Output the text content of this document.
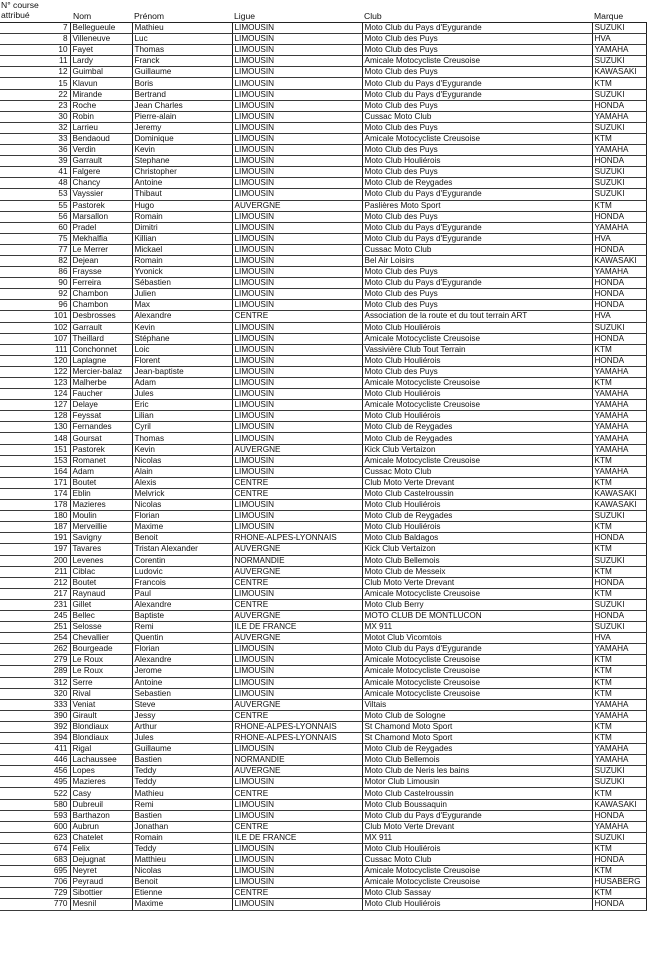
N° course attribué	Nom	Prénom	Ligue	Club	Marque
7	Bellegueule	Mathieu	LIMOUSIN	Moto Club du Pays d'Eygurande	SUZUKI
8	Villeneuve	Luc	LIMOUSIN	Moto Club des Puys	HVA
10	Fayet	Thomas	LIMOUSIN	Moto Club des Puys	YAMAHA
11	Lardy	Franck	LIMOUSIN	Amicale Motocycliste Creusoise	SUZUKI
12	Guimbal	Guillaume	LIMOUSIN	Moto Club des Puys	KAWASAKI
15	Klavun	Boris	LIMOUSIN	Moto Club du Pays d'Eygurande	KTM
22	Mirande	Bertrand	LIMOUSIN	Moto Club du Pays d'Eygurande	SUZUKI
23	Roche	Jean Charles	LIMOUSIN	Moto Club des Puys	HONDA
30	Robin	Pierre-alain	LIMOUSIN	Cussac Moto Club	YAMAHA
32	Larrieu	Jeremy	LIMOUSIN	Moto Club des Puys	SUZUKI
33	Bendaoud	Dominique	LIMOUSIN	Amicale Motocycliste Creusoise	KTM
36	Verdin	Kevin	LIMOUSIN	Moto Club des Puys	YAMAHA
39	Garrault	Stephane	LIMOUSIN	Moto Club Houliérois	HONDA
41	Falgere	Christopher	LIMOUSIN	Moto Club des Puys	SUZUKI
48	Chancy	Antoine	LIMOUSIN	Moto Club de Reygades	SUZUKI
53	Vayssier	Thibaut	LIMOUSIN	Moto Club du Pays d'Eygurande	SUZUKI
55	Pastorek	Hugo	AUVERGNE	Paslières Moto Sport	KTM
56	Marsallon	Romain	LIMOUSIN	Moto Club des Puys	HONDA
60	Pradel	Dimitri	LIMOUSIN	Moto Club du Pays d'Eygurande	YAMAHA
75	Mekhalfia	Killian	LIMOUSIN	Moto Club du Pays d'Eygurande	HVA
77	Le Merrer	Mickael	LIMOUSIN	Cussac Moto Club	HONDA
82	Dejean	Romain	LIMOUSIN	Bel Air Loisirs	KAWASAKI
86	Fraysse	Yvonick	LIMOUSIN	Moto Club des Puys	YAMAHA
90	Ferreira	Sébastien	LIMOUSIN	Moto Club du Pays d'Eygurande	HONDA
92	Chambon	Julien	LIMOUSIN	Moto Club des Puys	HONDA
96	Chambon	Max	LIMOUSIN	Moto Club des Puys	HONDA
101	Desbrosses	Alexandre	CENTRE	Association de la route et du tout terrain ART	HVA
102	Garrault	Kevin	LIMOUSIN	Moto Club Houliérois	SUZUKI
107	Theillard	Stéphane	LIMOUSIN	Amicale Motocycliste Creusoise	HONDA
111	Conchonnet	Loic	LIMOUSIN	Vassivière Club Tout Terrain	KTM
120	Laplagne	Florent	LIMOUSIN	Moto Club Houliérois	HONDA
122	Mercier-balaz	Jean-baptiste	LIMOUSIN	Moto Club des Puys	YAMAHA
123	Malherbe	Adam	LIMOUSIN	Amicale Motocycliste Creusoise	KTM
124	Faucher	Jules	LIMOUSIN	Moto Club Houliérois	YAMAHA
127	Delaye	Eric	LIMOUSIN	Amicale Motocycliste Creusoise	YAMAHA
128	Feyssat	Lilian	LIMOUSIN	Moto Club Houliérois	YAMAHA
130	Fernandes	Cyril	LIMOUSIN	Moto Club de Reygades	YAMAHA
148	Goursat	Thomas	LIMOUSIN	Moto Club de Reygades	YAMAHA
151	Pastorek	Kevin	AUVERGNE	Kick Club Vertaizon	YAMAHA
153	Romanet	Nicolas	LIMOUSIN	Amicale Motocycliste Creusoise	KTM
164	Adam	Alain	LIMOUSIN	Cussac Moto Club	YAMAHA
171	Boutet	Alexis	CENTRE	Club Moto Verte Drevant	KTM
174	Eblin	Melvrick	CENTRE	Moto Club Castelroussin	KAWASAKI
178	Mazieres	Nicolas	LIMOUSIN	Moto Club Houliérois	KAWASAKI
180	Moulin	Florian	LIMOUSIN	Moto Club de Reygades	SUZUKI
187	Merveillie	Maxime	LIMOUSIN	Moto Club Houliérois	KTM
191	Savigny	Benoit	RHONE-ALPES-LYONNAIS	Moto Club Baldagos	HONDA
197	Tavares	Tristan Alexander	AUVERGNE	Kick Club Vertaizon	KTM
200	Levenes	Corentin	NORMANDIE	Moto Club Bellemois	SUZUKI
211	Ciblac	Ludovic	AUVERGNE	Moto Club de Messeix	KTM
212	Boutet	Francois	CENTRE	Club Moto Verte Drevant	HONDA
217	Raynaud	Paul	LIMOUSIN	Amicale Motocycliste Creusoise	KTM
231	Gillet	Alexandre	CENTRE	Moto Club Berry	SUZUKI
245	Bellec	Baptiste	AUVERGNE	MOTO CLUB DE MONTLUCON	HONDA
251	Selosse	Remi	ILE DE FRANCE	MX 911	SUZUKI
254	Chevallier	Quentin	AUVERGNE	Motot Club Vicomtois	HVA
262	Bourgeade	Florian	LIMOUSIN	Moto Club du Pays d'Eygurande	YAMAHA
279	Le Roux	Alexandre	LIMOUSIN	Amicale Motocycliste Creusoise	KTM
289	Le Roux	Jerome	LIMOUSIN	Amicale Motocycliste Creusoise	KTM
312	Serre	Antoine	LIMOUSIN	Amicale Motocycliste Creusoise	KTM
320	Rival	Sebastien	LIMOUSIN	Amicale Motocycliste Creusoise	KTM
333	Veniat	Steve	AUVERGNE	Viltais	YAMAHA
390	Girault	Jessy	CENTRE	Moto Club de Sologne	YAMAHA
392	Blondiaux	Arthur	RHONE-ALPES-LYONNAIS	St Chamond Moto Sport	KTM
394	Blondiaux	Jules	RHONE-ALPES-LYONNAIS	St Chamond Moto Sport	KTM
411	Rigal	Guillaume	LIMOUSIN	Moto Club de Reygades	YAMAHA
446	Lachaussee	Bastien	NORMANDIE	Moto Club Bellemois	YAMAHA
456	Lopes	Teddy	AUVERGNE	Moto Club de Neris les bains	SUZUKI
495	Mazieres	Teddy	LIMOUSIN	Motor Club Limousin	SUZUKI
522	Casy	Mathieu	CENTRE	Moto Club Castelroussin	KTM
580	Dubreuil	Remi	LIMOUSIN	Moto Club Boussaquin	KAWASAKI
593	Barthazon	Bastien	LIMOUSIN	Moto Club du Pays d'Eygurande	HONDA
600	Aubrun	Jonathan	CENTRE	Club Moto Verte Drevant	YAMAHA
623	Chatelet	Romain	ILE DE FRANCE	MX 911	SUZUKI
674	Felix	Teddy	LIMOUSIN	Moto Club Houliérois	KTM
683	Dejugnat	Matthieu	LIMOUSIN	Cussac Moto Club	HONDA
695	Neyret	Nicolas	LIMOUSIN	Amicale Motocycliste Creusoise	KTM
706	Peyraud	Benoit	LIMOUSIN	Amicale Motocycliste Creusoise	HUSABERG
729	Sibottier	Etienne	CENTRE	Moto Club Sassay	KTM
770	Mesnil	Maxime	LIMOUSIN	Moto Club Houliérois	HONDA
